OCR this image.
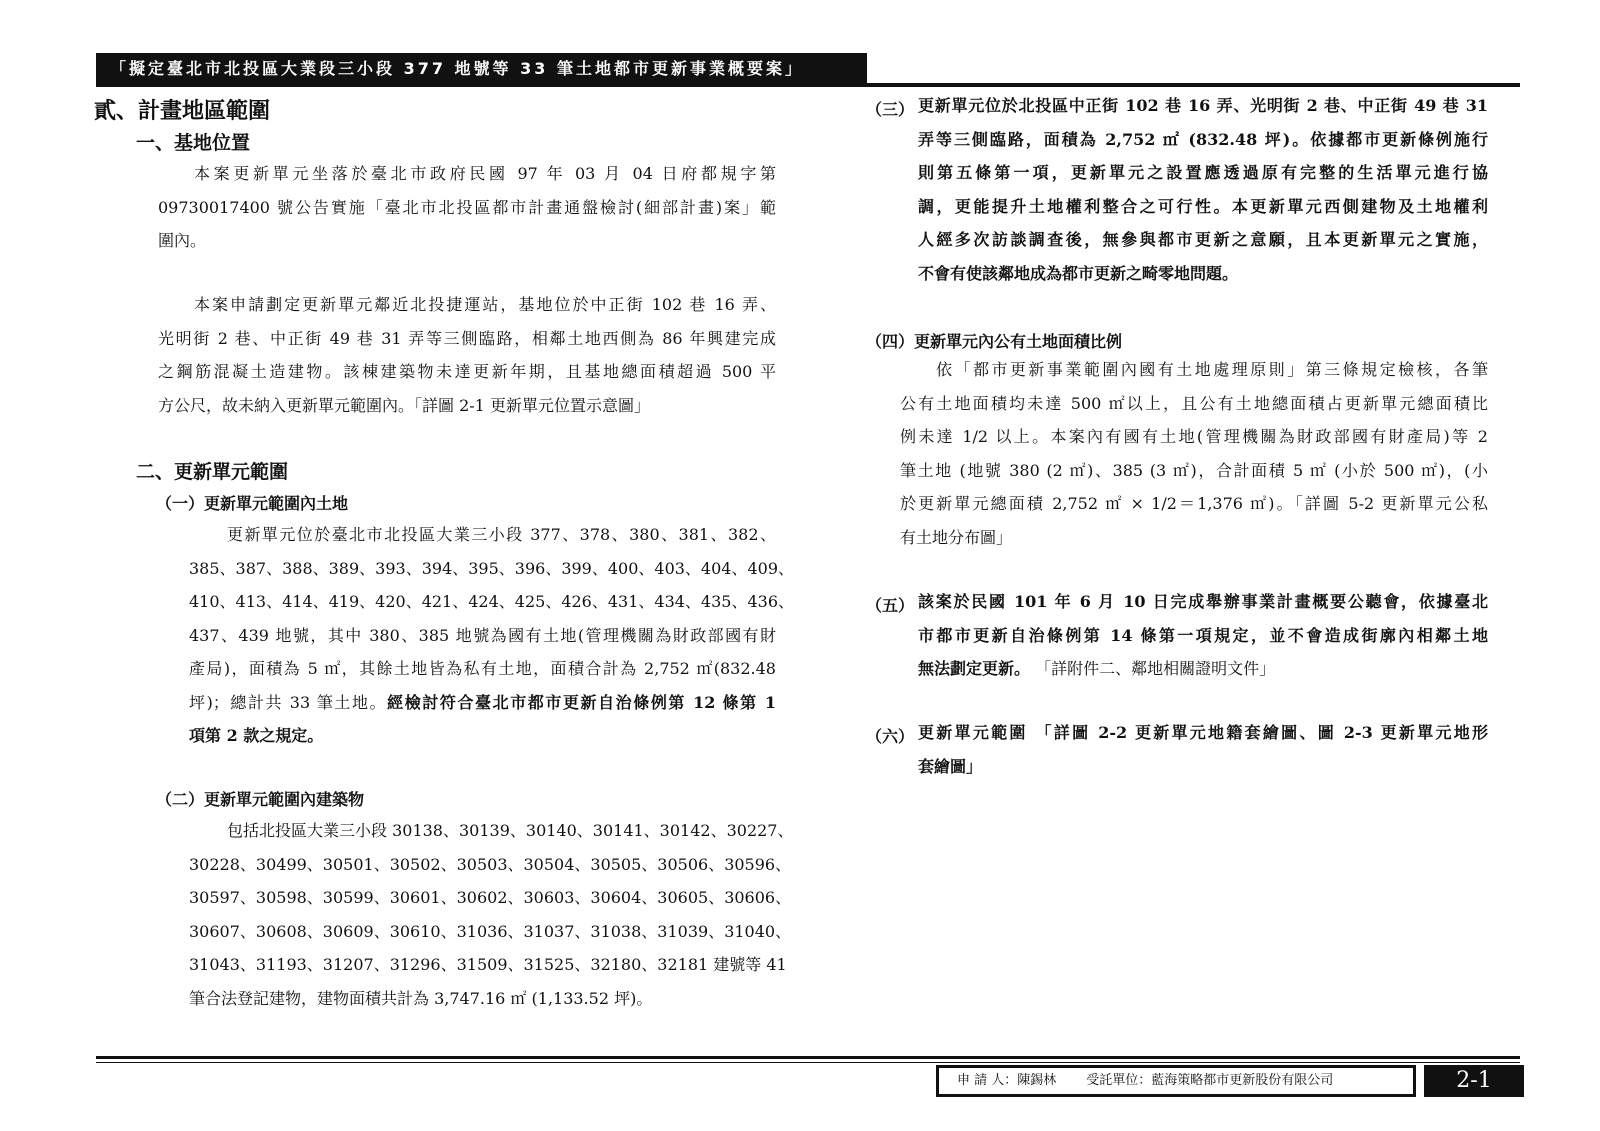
「擬定臺北市北投區大業段三小段 377 地號等 33 筆土地都市更新事業概要案」
貳、計畫地區範圍
一、基地位置
本案更新單元坐落於臺北市政府民國 97 年 03 月 04 日府都規字第
09730017400 號公告實施「臺北市北投區都市計畫通盤檢討(細部計畫)案」範
圍內。
本案申請劃定更新單元鄰近北投捷運站，基地位於中正街 102 巷 16 弄、
光明街 2 巷、中正街 49 巷 31 弄等三側臨路，相鄰土地西側為 86 年興建完成
之鋼筋混凝土造建物。該棟建築物未達更新年期，且基地總面積超過 500 平
方公尺，故未納入更新單元範圍內。「詳圖 2-1 更新單元位置示意圖」
二、更新單元範圍
（一）更新單元範圍內土地
更新單元位於臺北市北投區大業三小段 377、378、380、381、382、
385、387、388、389、393、394、395、396、399、400、403、404、409、
410、413、414、419、420、421、424、425、426、431、434、435、436、
437、439 地號，其中 380、385 地號為國有土地(管理機關為財政部國有財
產局)，面積為 5 ㎡，其餘土地皆為私有土地，面積合計為 2,752 ㎡(832.48
坪)；總計共 33 筆土地。經檢討符合臺北市都市更新自治條例第 12 條第 1
項第 2 款之規定。
（二）更新單元範圍內建築物
包括北投區大業三小段 30138、30139、30140、30141、30142、30227、
30228、30499、30501、30502、30503、30504、30505、30506、30596、
30597、30598、30599、30601、30602、30603、30604、30605、30606、
30607、30608、30609、30610、31036、31037、31038、31039、31040、
31043、31193、31207、31296、31509、31525、32180、32181 建號等 41
筆合法登記建物，建物面積共計為 3,747.16 ㎡ (1,133.52 坪)。
（三） 更新單元位於北投區中正街 102 巷 16 弄、光明街 2 巷、中正街 49 巷 31
弄等三側臨路，面積為 2,752 ㎡ (832.48 坪)。依據都市更新條例施行
則第五條第一項，更新單元之設置應透過原有完整的生活單元進行協
調，更能提升土地權利整合之可行性。本更新單元西側建物及土地權利
人經多次訪談調查後，無參與都市更新之意願，且本更新單元之實施，
不會有使該鄰地成為都市更新之畸零地問題。
（四）更新單元內公有土地面積比例
依「都市更新事業範圍內國有土地處理原則」第三條規定檢核，各筆
公有土地面積均未達 500 ㎡以上，且公有土地總面積占更新單元總面積比
例未達 1/2 以上。本案內有國有土地(管理機關為財政部國有財產局)等 2
筆土地 (地號 380 (2 ㎡)、385 (3 ㎡)，合計面積 5 ㎡ (小於 500 ㎡)，(小
於更新單元總面積 2,752 ㎡ × 1/2＝1,376 ㎡)。「詳圖 5-2 更新單元公私
有土地分布圖」
（五） 該案於民國 101 年 6 月 10 日完成舉辦事業計畫概要公聽會，依據臺北
市都市更新自治條例第 14 條第一項規定，並不會造成街廓內相鄰土地
無法劃定更新。 「詳附件二、鄰地相關證明文件」
（六） 更新單元範圍 「詳圖 2-2 更新單元地籍套繪圖、圖 2-3 更新單元地形
套繪圖」
申 請 人：陳錫林 受託單位：藍海策略都市更新股份有限公司	2-1
